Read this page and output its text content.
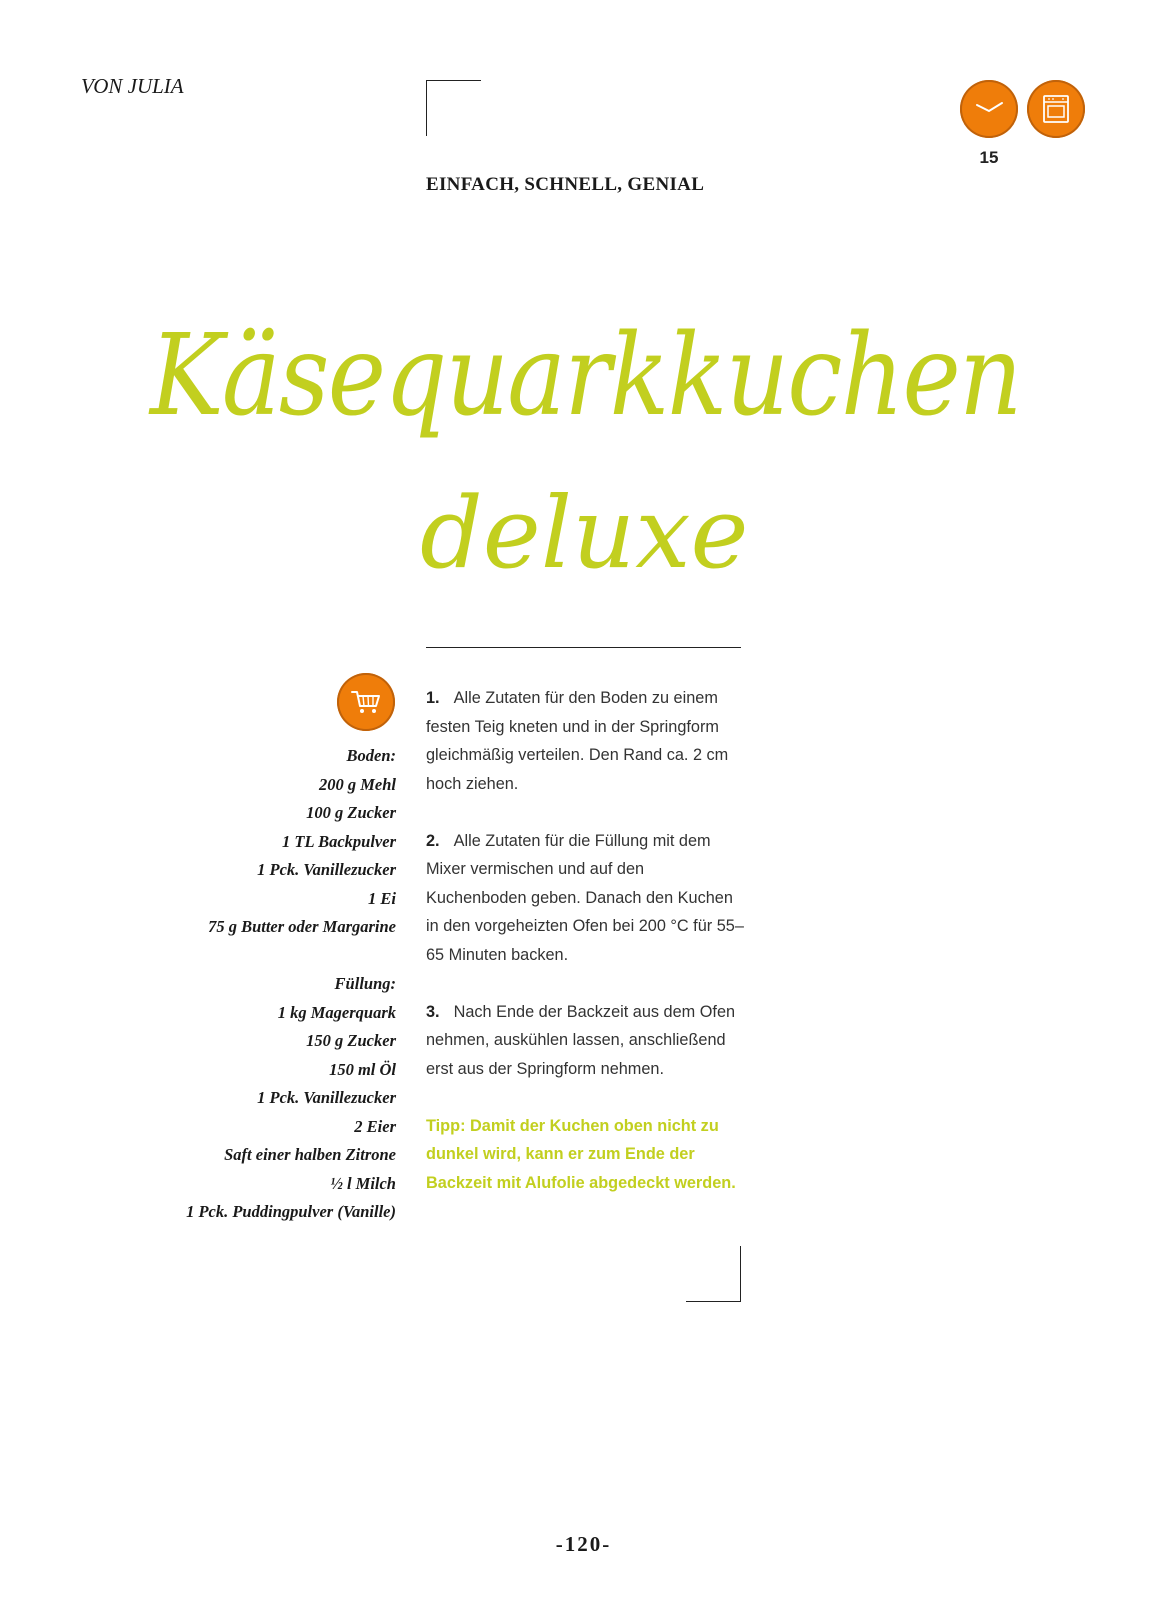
VON JULIA
15
EINFACH, SCHNELL, GENIAL
Käsequarkkuchen
deluxe
Boden:
200 g Mehl
100 g Zucker
1 TL Backpulver
1 Pck. Vanillezucker
1 Ei
75 g Butter oder Margarine
Füllung:
1 kg Magerquark
150 g Zucker
150 ml Öl
1 Pck. Vanillezucker
2 Eier
Saft einer halben Zitrone
½ l Milch
1 Pck. Puddingpulver (Vanille)

1. Alle Zutaten für den Boden zu einem festen Teig kneten und in der Springform gleichmäßig verteilen. Den Rand ca. 2 cm hoch ziehen.

2. Alle Zutaten für die Füllung mit dem Mixer vermischen und auf den Kuchenboden geben. Danach den Kuchen in den vorgeheizten Ofen bei 200 °C für 55–65 Minuten backen.

3. Nach Ende der Backzeit aus dem Ofen nehmen, auskühlen lassen, anschließend erst aus der Springform nehmen.

Tipp: Damit der Kuchen oben nicht zu dunkel wird, kann er zum Ende der Backzeit mit Alufolie abgedeckt werden.

-120-
